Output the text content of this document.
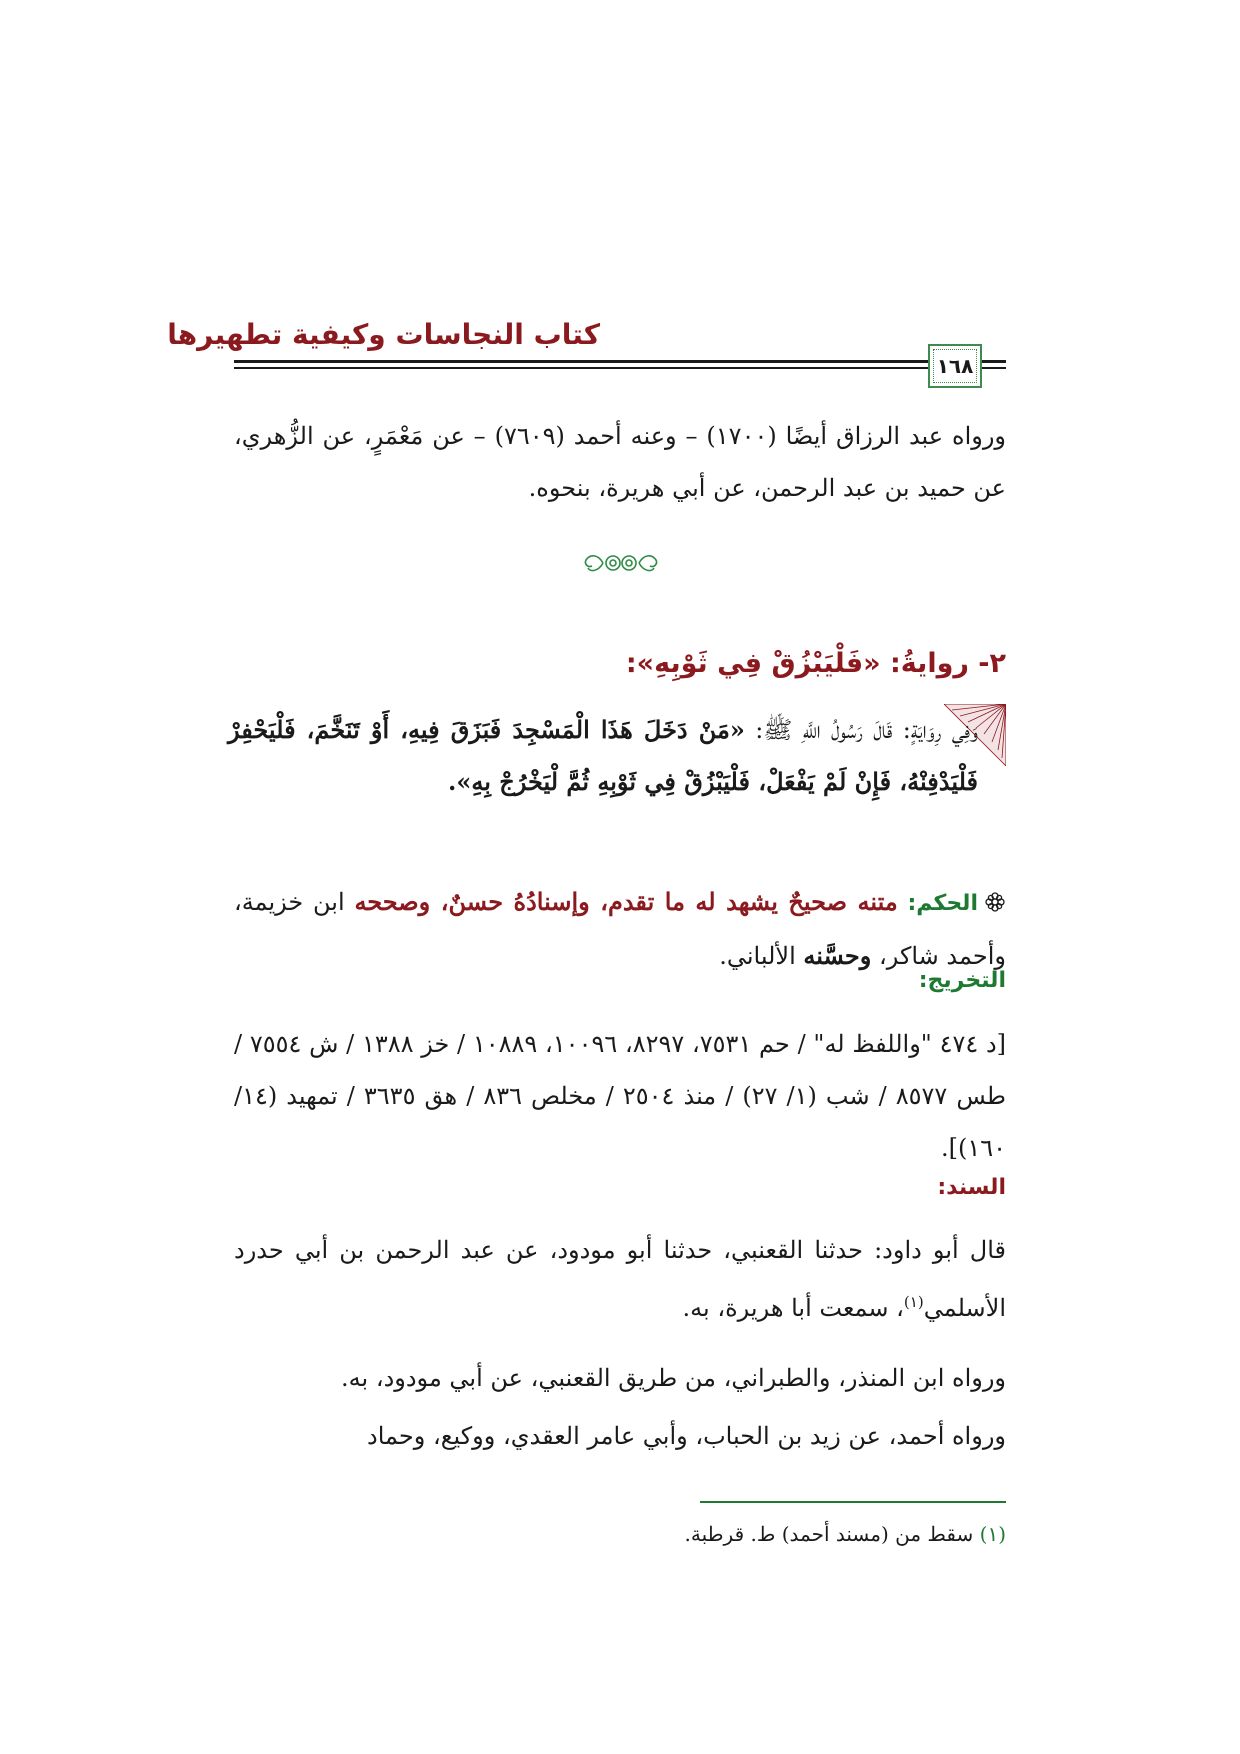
كتاب النجاسات وكيفية تطهيرها
١٦٨
ورواه عبد الرزاق أيضًا (١٧٠٠) – وعنه أحمد (٧٦٠٩) – عن مَعْمَرٍ، عن الزُّهري، عن حميد بن عبد الرحمن، عن أبي هريرة، بنحوه.
٢- روايةُ: «فَلْيَبْزُقْ فِي ثَوْبِهِ»:
وَفِي رِوَايَةٍ: قَالَ رَسُولُ اللَّهِ ﷺ: «مَنْ دَخَلَ هَذَا الْمَسْجِدَ فَبَزَقَ فِيهِ، أَوْ تَنَخَّمَ، فَلْيَحْفِرْ فَلْيَدْفِنْهُ، فَإِنْ لَمْ يَفْعَلْ، فَلْيَبْزُقْ فِي ثَوْبِهِ ثُمَّ لْيَخْرُجْ بِهِ».
الحكم: متنه صحيحٌ يشهد له ما تقدم، وإسنادُهُ حسنٌ، وصححه ابن خزيمة، وأحمد شاكر، وحسَّنه الألباني.
التخريج:
[د ٤٧٤ "واللفظ له" / حم ٧٥٣١، ٨٢٩٧، ١٠٠٩٦، ١٠٨٨٩ / خز ١٣٨٨ / ش ٧٥٥٤ / طس ٨٥٧٧ / شب (١/ ٢٧) / منذ ٢٥٠٤ / مخلص ٨٣٦ / هق ٣٦٣٥ / تمهيد (١٤/ ١٦٠)].
السند:
قال أبو داود: حدثنا القعنبي، حدثنا أبو مودود، عن عبد الرحمن بن أبي حدرد الأسلمي$^{(١)}$، سمعت أبا هريرة، به.
ورواه ابن المنذر، والطبراني، من طريق القعنبي، عن أبي مودود، به.
ورواه أحمد، عن زيد بن الحباب، وأبي عامر العقدي، ووكيع، وحماد
(١) سقط من (مسند أحمد) ط. قرطبة.
